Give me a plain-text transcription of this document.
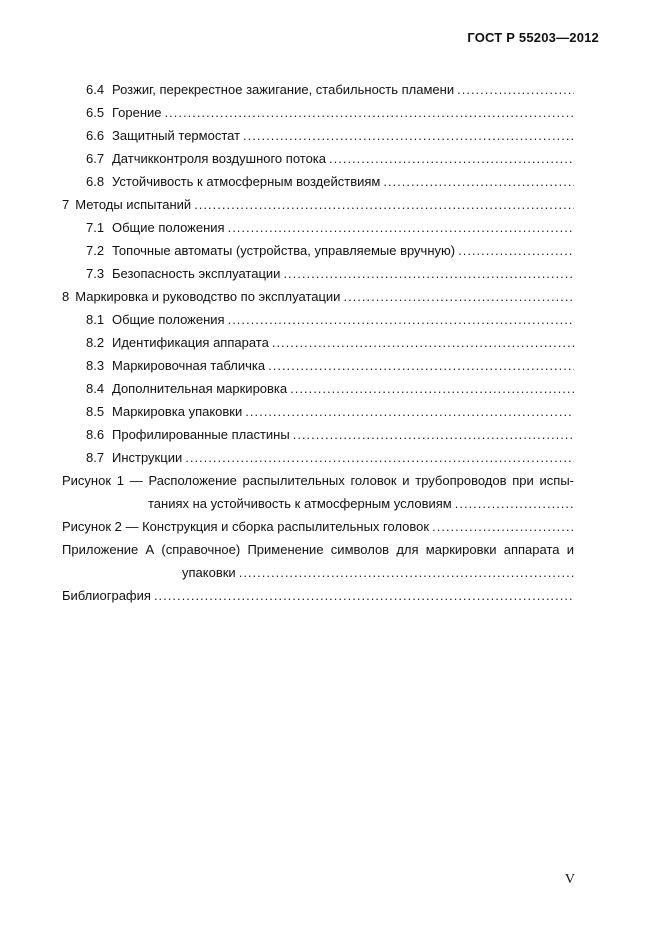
ГОСТ Р 55203—2012
6.4 Розжиг, перекрестное зажигание, стабильность пламени
.....
6.5 Горение
.....
6.6 Защитный термостат
.....
6.7 Датчикконтроля воздушного потока
.....
6.8 Устойчивость к атмосферным воздействиям
.....
7 Методы испытаний
.....
7.1 Общие положения
.....
7.2 Топочные автоматы (устройства, управляемые вручную)
.....
7.3 Безопасность эксплуатации
.....
8 Маркировка и руководство по эксплуатации
.....
8.1 Общие положения
.....
8.2 Идентификация аппарата
.....
8.3 Маркировочная табличка
.....
8.4 Дополнительная маркировка
.....
8.5 Маркировка упаковки
.....
8.6 Профилированные пластины
.....
8.7 Инструкции
.....
Рисунок 1 — Расположение распылительных головок и трубопроводов при испы-
таниях на устойчивость к атмосферным условиям
.....
Рисунок 2 — Конструкция и сборка распылительных головок
.....
Приложение А (справочное) Применение символов для маркировки аппарата и
упаковки
.....
Библиография
.....
V
